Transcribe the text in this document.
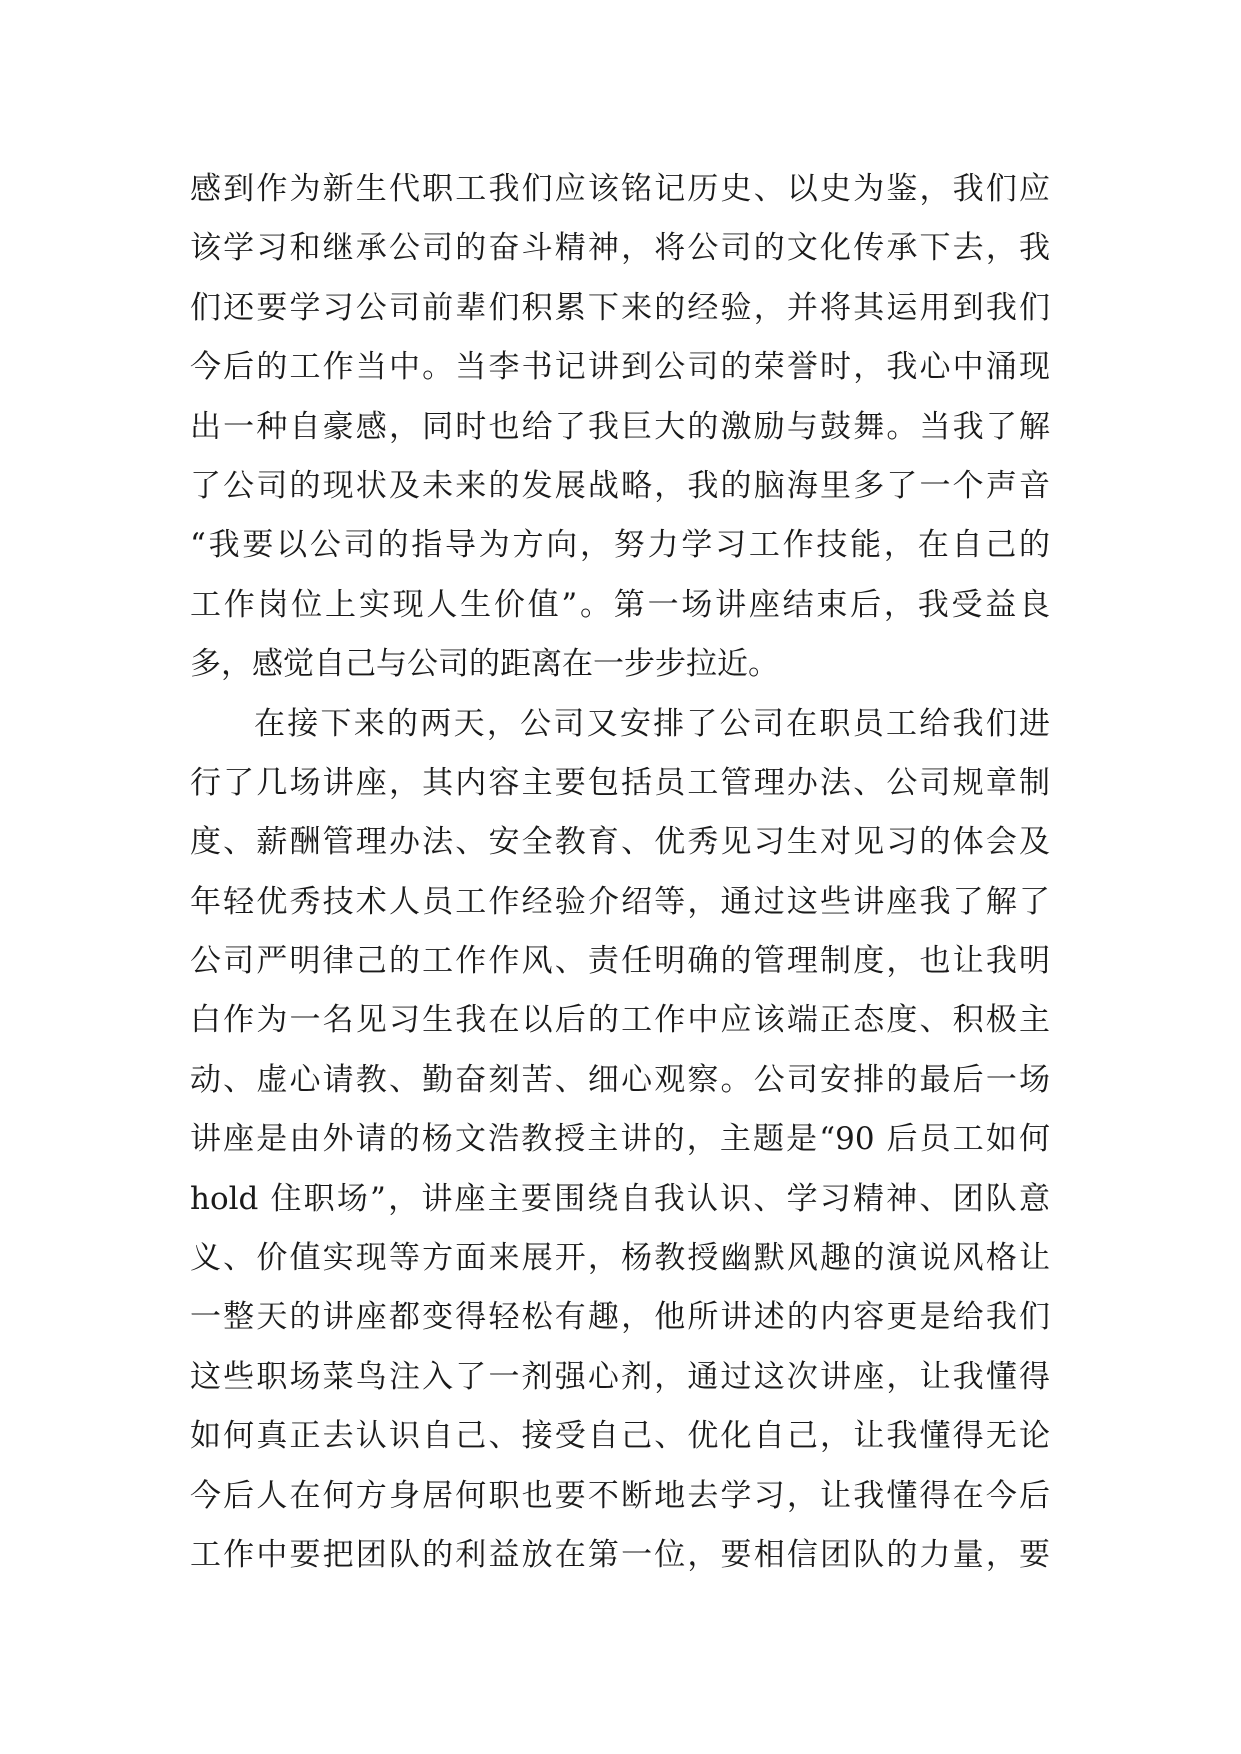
感到作为新生代职工我们应该铭记历史、以史为鉴，我们应
该学习和继承公司的奋斗精神，将公司的文化传承下去，我
们还要学习公司前辈们积累下来的经验，并将其运用到我们
今后的工作当中。当李书记讲到公司的荣誉时，我心中涌现
出一种自豪感，同时也给了我巨大的激励与鼓舞。当我了解
了公司的现状及未来的发展战略，我的脑海里多了一个声音
“我要以公司的指导为方向，努力学习工作技能，在自己的
工作岗位上实现人生价值”。第一场讲座结束后，我受益良
多，感觉自己与公司的距离在一步步拉近。
在接下来的两天，公司又安排了公司在职员工给我们进
行了几场讲座，其内容主要包括员工管理办法、公司规章制
度、薪酬管理办法、安全教育、优秀见习生对见习的体会及
年轻优秀技术人员工作经验介绍等，通过这些讲座我了解了
公司严明律己的工作作风、责任明确的管理制度，也让我明
白作为一名见习生我在以后的工作中应该端正态度、积极主
动、虚心请教、勤奋刻苦、细心观察。公司安排的最后一场
讲座是由外请的杨文浩教授主讲的，主题是“90 后员工如何
hold 住职场”，讲座主要围绕自我认识、学习精神、团队意
义、价值实现等方面来展开，杨教授幽默风趣的演说风格让
一整天的讲座都变得轻松有趣，他所讲述的内容更是给我们
这些职场菜鸟注入了一剂强心剂，通过这次讲座，让我懂得
如何真正去认识自己、接受自己、优化自己，让我懂得无论
今后人在何方身居何职也要不断地去学习，让我懂得在今后
工作中要把团队的利益放在第一位，要相信团队的力量，要
